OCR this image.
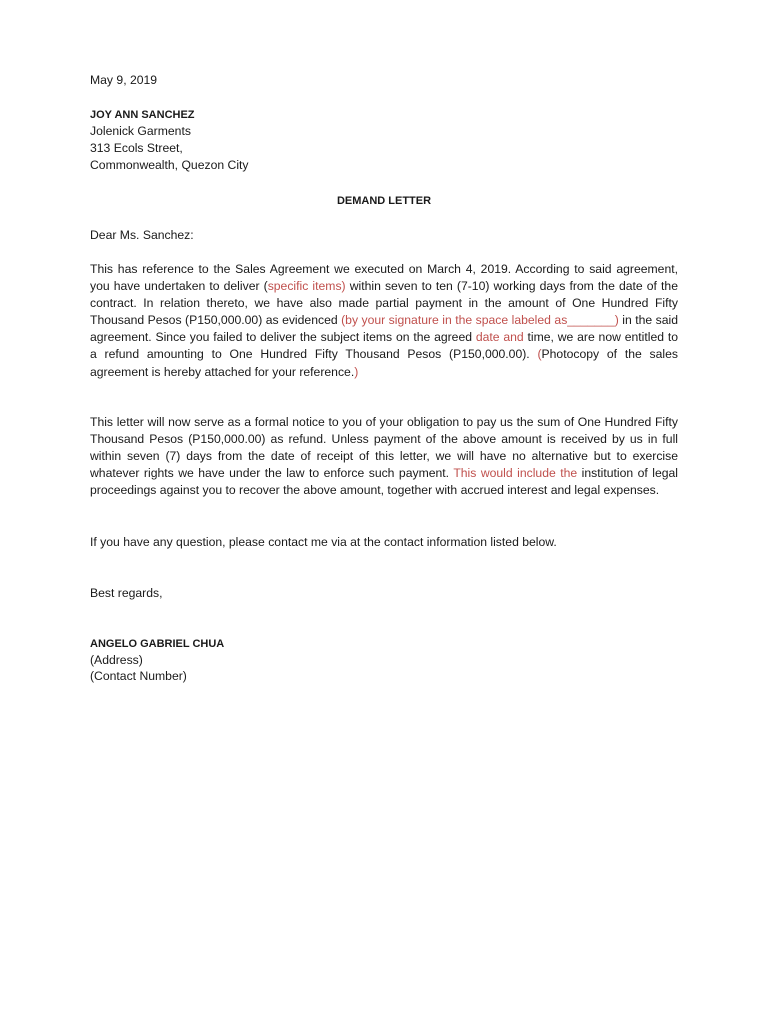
May 9, 2019
JOY ANN SANCHEZ
Jolenick Garments
313 Ecols Street,
Commonwealth, Quezon City
DEMAND LETTER
Dear Ms. Sanchez:
This has reference to the Sales Agreement we executed on March 4, 2019. According to said agreement, you have undertaken to deliver (specific items) within seven to ten (7-10) working days from the date of the contract. In relation thereto, we have also made partial payment in the amount of One Hundred Fifty Thousand Pesos (P150,000.00) as evidenced (by your signature in the space labeled as_______) in the said agreement. Since you failed to deliver the subject items on the agreed date and time, we are now entitled to a refund amounting to One Hundred Fifty Thousand Pesos (P150,000.00). (Photocopy of the sales agreement is hereby attached for your reference.)
This letter will now serve as a formal notice to you of your obligation to pay us the sum of One Hundred Fifty Thousand Pesos (P150,000.00) as refund. Unless payment of the above amount is received by us in full within seven (7) days from the date of receipt of this letter, we will have no alternative but to exercise whatever rights we have under the law to enforce such payment. This would include the institution of legal proceedings against you to recover the above amount, together with accrued interest and legal expenses.
If you have any question, please contact me via at the contact information listed below.
Best regards,
ANGELO GABRIEL CHUA
(Address)
(Contact Number)
